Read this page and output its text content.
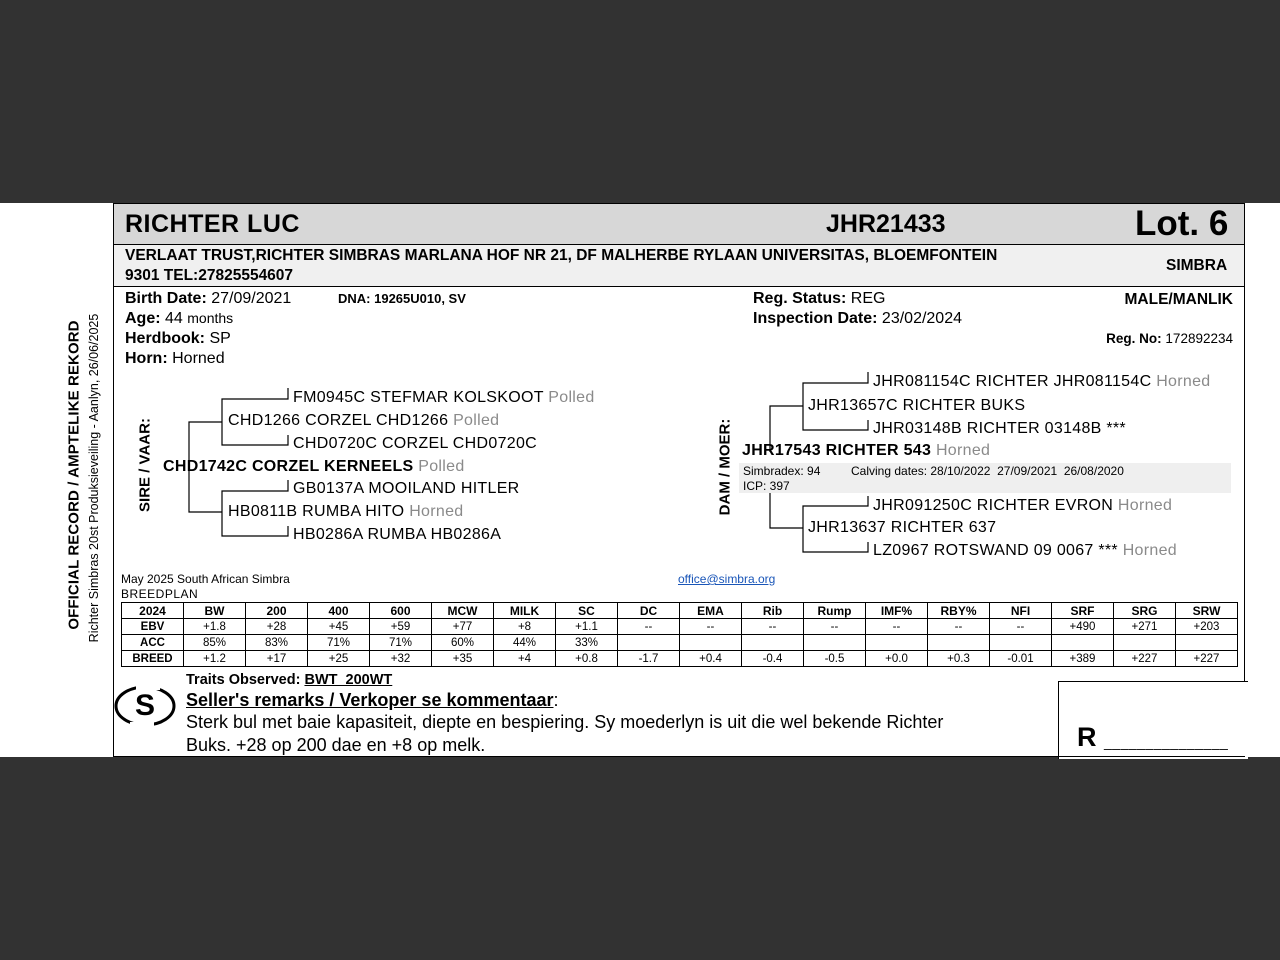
OFFICIAL RECORD / AMPTELIKE REKORD Richter Simbras 20st Produksieveiling - Aanlyn, 26/06/2025
RICHTER LUC	JHR21433	Lot. 6
VERLAAT TRUST,RICHTER SIMBRAS MARLANA HOF NR 21, DF MALHERBE RYLAAN UNIVERSITAS, BLOEMFONTEIN
9301 TEL:27825554607
SIMBRA
Birth Date: 27/09/2021	DNA: 19265U010, SV
Age: 44 months
Herdbook: SP
Horn: Horned
Reg. Status: REG
Inspection Date: 23/02/2024
MALE/MANLIK
Reg. No: 172892234
SIRE / VAAR:
FM0945C STEFMAR KOLSKOOT Polled
CHD1266 CORZEL CHD1266 Polled
CHD0720C CORZEL CHD0720C
CHD1742C CORZEL KERNEELS Polled
GB0137A MOOILAND HITLER
HB0811B RUMBA HITO Horned
HB0286A RUMBA HB0286A
DAM / MOER:
JHR081154C RICHTER JHR081154C Horned
JHR13657C RICHTER BUKS
JHR03148B RICHTER 03148B ***
JHR17543 RICHTER 543 Horned
Simbradex: 94	Calving dates: 28/10/2022  27/09/2021  26/08/2020
ICP: 397
JHR091250C RICHTER EVRON Horned
JHR13637 RICHTER 637
LZ0967 ROTSWAND 09 0067 *** Horned
May 2025 South African Simbra
BREEDPLAN
office@simbra.org
2024	BW	200	400	600	MCW	MILK	SC	DC	EMA	Rib	Rump	IMF%	RBY%	NFI	SRF	SRG	SRW
EBV	+1.8	+28	+45	+59	+77	+8	+1.1	--	--	--	--	--	--	--	+490	+271	+203
ACC	85%	83%	71%	71%	60%	44%	33%										
BREED	+1.2	+17	+25	+32	+35	+4	+0.8	-1.7	+0.4	-0.4	-0.5	+0.0	+0.3	-0.01	+389	+227	+227
S
Traits Observed: BWT  200WT
Seller's remarks / Verkoper se kommentaar:
Sterk bul met baie kapasiteit, diepte en bespiering. Sy moederlyn is uit die wel bekende Richter
Buks. +28 op 200 dae en +8 op melk.	R _______________
